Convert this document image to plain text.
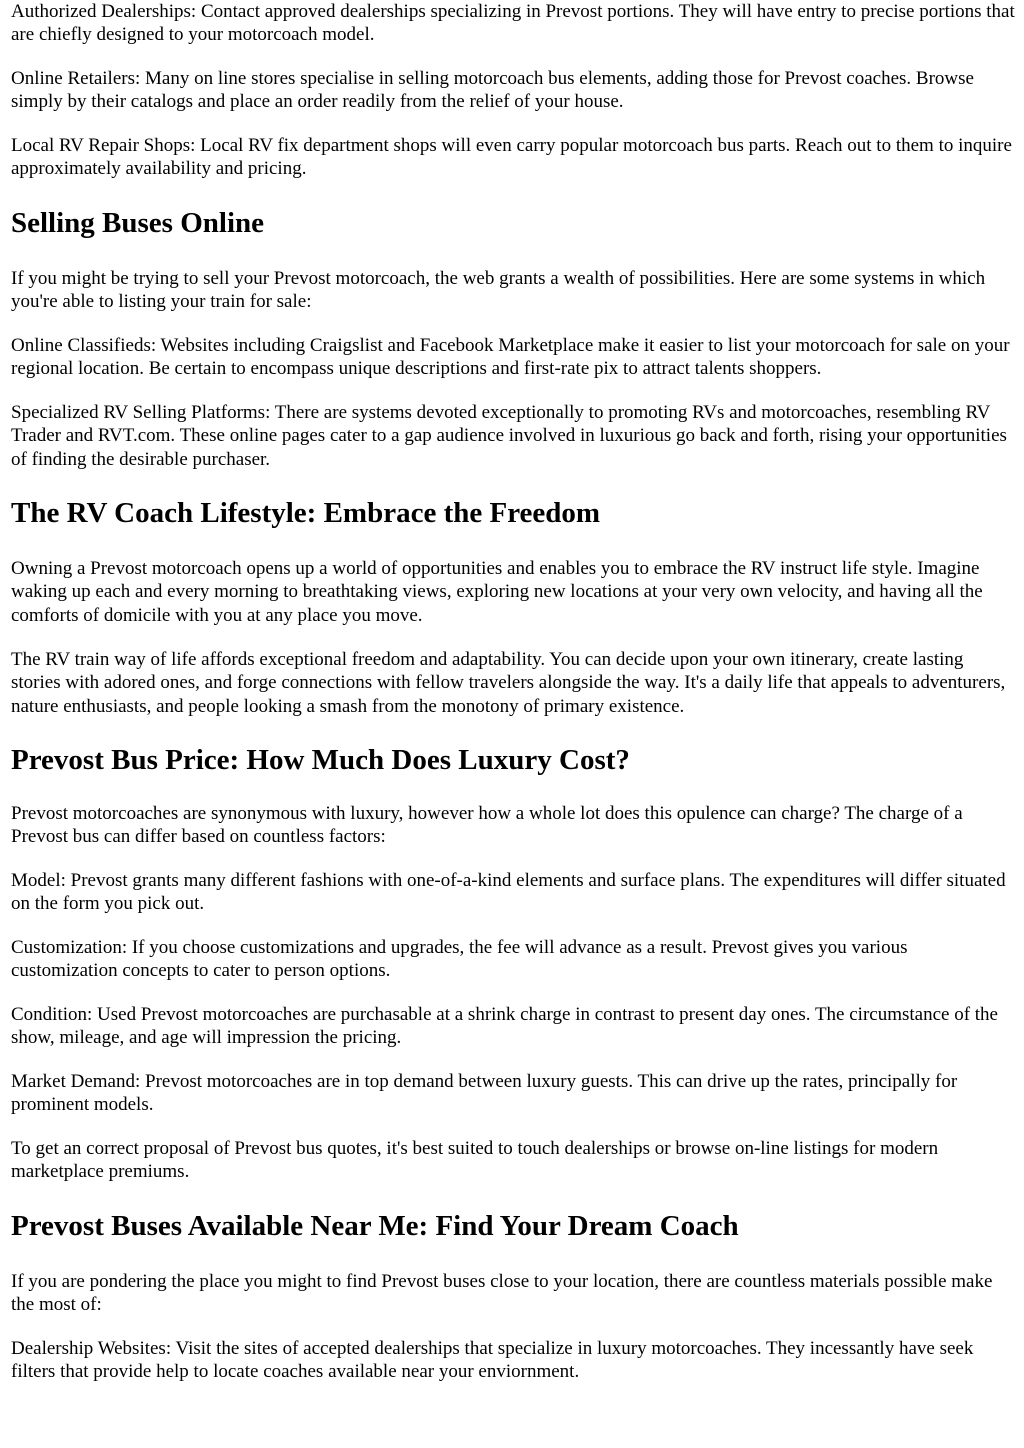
Authorized Dealerships: Contact approved dealerships specializing in Prevost portions. They will have entry to precise portions that are chiefly designed to your motorcoach model.

Online Retailers: Many on line stores specialise in selling motorcoach bus elements, adding those for Prevost coaches. Browse simply by their catalogs and place an order readily from the relief of your house.

Local RV Repair Shops: Local RV fix department shops will even carry popular motorcoach bus parts. Reach out to them to inquire approximately availability and pricing.

Selling Buses Online

If you might be trying to sell your Prevost motorcoach, the web grants a wealth of possibilities. Here are some systems in which you're able to listing your train for sale:

Online Classifieds: Websites including Craigslist and Facebook Marketplace make it easier to list your motorcoach for sale on your regional location. Be certain to encompass unique descriptions and first-rate pix to attract talents shoppers.

Specialized RV Selling Platforms: There are systems devoted exceptionally to promoting RVs and motorcoaches, resembling RV Trader and RVT.com. These online pages cater to a gap audience involved in luxurious go back and forth, rising your opportunities of finding the desirable purchaser.

The RV Coach Lifestyle: Embrace the Freedom

Owning a Prevost motorcoach opens up a world of opportunities and enables you to embrace the RV instruct life style. Imagine waking up each and every morning to breathtaking views, exploring new locations at your very own velocity, and having all the comforts of domicile with you at any place you move.

The RV train way of life affords exceptional freedom and adaptability. You can decide upon your own itinerary, create lasting stories with adored ones, and forge connections with fellow travelers alongside the way. It's a daily life that appeals to adventurers, nature enthusiasts, and people looking a smash from the monotony of primary existence.

Prevost Bus Price: How Much Does Luxury Cost?

Prevost motorcoaches are synonymous with luxury, however how a whole lot does this opulence can charge? The charge of a Prevost bus can differ based on countless factors:

Model: Prevost grants many different fashions with one-of-a-kind elements and surface plans. The expenditures will differ situated on the form you pick out.

Customization: If you choose customizations and upgrades, the fee will advance as a result. Prevost gives you various customization concepts to cater to person options.

Condition: Used Prevost motorcoaches are purchasable at a shrink charge in contrast to present day ones. The circumstance of the show, mileage, and age will impression the pricing.

Market Demand: Prevost motorcoaches are in top demand between luxury guests. This can drive up the rates, principally for prominent models.

To get an correct proposal of Prevost bus quotes, it's best suited to touch dealerships or browse on-line listings for modern marketplace premiums.

Prevost Buses Available Near Me: Find Your Dream Coach

If you are pondering the place you might to find Prevost buses close to your location, there are countless materials possible make the most of:

Dealership Websites: Visit the sites of accepted dealerships that specialize in luxury motorcoaches. They incessantly have seek filters that provide help to locate coaches available near your enviornment.
